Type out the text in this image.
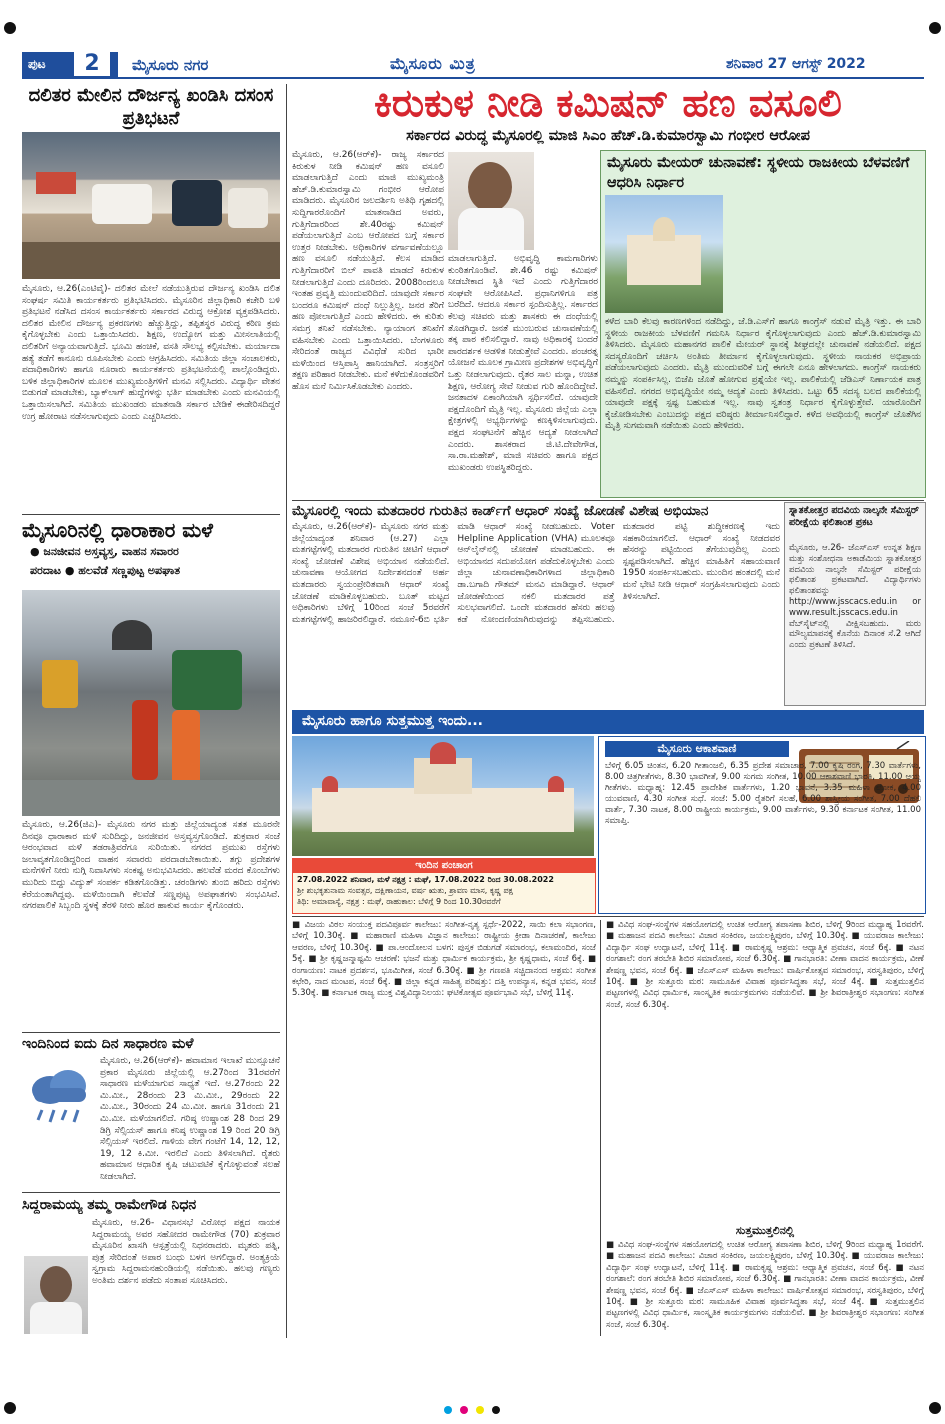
ಪುಟ	2	ಮೈಸೂರು ನಗರ	ಮೈಸೂರು ಮಿತ್ರ	ಶನಿವಾರ 27 ಆಗಸ್ಟ್ 2022
ದಲಿತರ ಮೇಲಿನ ದೌರ್ಜನ್ಯ ಖಂಡಿಸಿ ದಸಂಸ ಪ್ರತಿಭಟನೆ
ಮೈಸೂರು, ಆ.26(ಎಂಟಿವೈ)- ದಲಿತರ ಮೇಲೆ ನಡೆಯುತ್ತಿರುವ ದೌರ್ಜನ್ಯ ಖಂಡಿಸಿ ದಲಿತ ಸಂಘರ್ಷ ಸಮಿತಿ ಕಾರ್ಯಕರ್ತರು ಪ್ರತಿಭಟಿಸಿದರು. ಮೈಸೂರಿನ ಜಿಲ್ಲಾಧಿಕಾರಿ ಕಚೇರಿ ಬಳಿ ಪ್ರತಿಭಟನೆ ನಡೆಸಿದ ದಸಂಸ ಕಾರ್ಯಕರ್ತರು ಸರ್ಕಾರದ ವಿರುದ್ಧ ಆಕ್ರೋಶ ವ್ಯಕ್ತಪಡಿಸಿದರು. ದಲಿತರ ಮೇಲಿನ ದೌರ್ಜನ್ಯ ಪ್ರಕರಣಗಳು ಹೆಚ್ಚುತ್ತಿದ್ದು, ತಪ್ಪಿತಸ್ಥರ ವಿರುದ್ಧ ಕಠಿಣ ಕ್ರಮ ಕೈಗೊಳ್ಳಬೇಕು ಎಂದು ಒತ್ತಾಯಿಸಿದರು. ಶಿಕ್ಷಣ, ಉದ್ಯೋಗ ಮತ್ತು ಮೀಸಲಾತಿಯಲ್ಲಿ ದಲಿತರಿಗೆ ಅನ್ಯಾಯವಾಗುತ್ತಿದೆ. ಭೂಮಿ ಹಂಚಿಕೆ, ವಸತಿ ಸೌಲಭ್ಯ ಕಲ್ಪಿಸಬೇಕು. ಮರ್ಯಾದಾ ಹತ್ಯೆ ತಡೆಗೆ ಕಾನೂನು ರೂಪಿಸಬೇಕು ಎಂದು ಆಗ್ರಹಿಸಿದರು. ಸಮಿತಿಯ ಜಿಲ್ಲಾ ಸಂಚಾಲಕರು, ಪದಾಧಿಕಾರಿಗಳು ಹಾಗೂ ನೂರಾರು ಕಾರ್ಯಕರ್ತರು ಪ್ರತಿಭಟನೆಯಲ್ಲಿ ಪಾಲ್ಗೊಂಡಿದ್ದರು. ಬಳಿಕ ಜಿಲ್ಲಾಧಿಕಾರಿಗಳ ಮೂಲಕ ಮುಖ್ಯಮಂತ್ರಿಗಳಿಗೆ ಮನವಿ ಸಲ್ಲಿಸಿದರು. ವಿದ್ಯಾರ್ಥಿ ವೇತನ ಬಿಡುಗಡೆ ಮಾಡಬೇಕು, ಬ್ಯಾಕ್‌ಲಾಗ್ ಹುದ್ದೆಗಳನ್ನು ಭರ್ತಿ ಮಾಡಬೇಕು ಎಂದು ಮನವಿಯಲ್ಲಿ ಒತ್ತಾಯಿಸಲಾಗಿದೆ. ಸಮಿತಿಯ ಮುಖಂಡರು ಮಾತನಾಡಿ ಸರ್ಕಾರ ಬೇಡಿಕೆ ಈಡೇರಿಸದಿದ್ದರೆ ಉಗ್ರ ಹೋರಾಟ ನಡೆಸಲಾಗುವುದು ಎಂದು ಎಚ್ಚರಿಸಿದರು.
ಮೈಸೂರಿನಲ್ಲಿ ಧಾರಾಕಾರ ಮಳೆ
● ಜನಜೀವನ ಅಸ್ತವ್ಯಸ್ತ, ವಾಹನ ಸವಾರರ
ಪರದಾಟ ● ಹಲವೆಡೆ ಸಣ್ಣಪುಟ್ಟ ಅಪಘಾತ
ಮೈಸೂರು, ಆ.26(ಜಿಎ)- ಮೈಸೂರು ನಗರ ಮತ್ತು ಜಿಲ್ಲೆಯಾದ್ಯಂತ ಸತತ ಮೂರನೇ ದಿನವೂ ಧಾರಾಕಾರ ಮಳೆ ಸುರಿದಿದ್ದು, ಜನಜೀವನ ಅಸ್ತವ್ಯಸ್ತಗೊಂಡಿದೆ. ಶುಕ್ರವಾರ ಸಂಜೆ ಆರಂಭವಾದ ಮಳೆ ತಡರಾತ್ರಿವರೆಗೂ ಸುರಿಯಿತು. ನಗರದ ಪ್ರಮುಖ ರಸ್ತೆಗಳು ಜಲಾವೃತಗೊಂಡಿದ್ದರಿಂದ ವಾಹನ ಸವಾರರು ಪರದಾಡಬೇಕಾಯಿತು. ತಗ್ಗು ಪ್ರದೇಶಗಳ ಮನೆಗಳಿಗೆ ನೀರು ನುಗ್ಗಿ ನಿವಾಸಿಗಳು ಸಂಕಷ್ಟ ಅನುಭವಿಸಿದರು. ಹಲವೆಡೆ ಮರದ ಕೊಂಬೆಗಳು ಮುರಿದು ಬಿದ್ದು ವಿದ್ಯುತ್ ಸಂಪರ್ಕ ಕಡಿತಗೊಂಡಿತ್ತು. ಚರಂಡಿಗಳು ತುಂಬಿ ಹರಿದು ರಸ್ತೆಗಳು ಕೆರೆಯಂತಾಗಿದ್ದವು. ಮಳೆಯಿಂದಾಗಿ ಕೆಲವೆಡೆ ಸಣ್ಣಪುಟ್ಟ ಅಪಘಾತಗಳು ಸಂಭವಿಸಿವೆ. ನಗರಪಾಲಿಕೆ ಸಿಬ್ಬಂದಿ ಸ್ಥಳಕ್ಕೆ ತೆರಳಿ ನೀರು ಹೊರ ಹಾಕುವ ಕಾರ್ಯ ಕೈಗೊಂಡರು.
ಇಂದಿನಿಂದ ಐದು ದಿನ ಸಾಧಾರಣ ಮಳೆ
ಮೈಸೂರು, ಆ.26(ಆರ್‌ಕೆ)- ಹವಾಮಾನ ಇಲಾಖೆ ಮುನ್ಸೂಚನೆ ಪ್ರಕಾರ ಮೈಸೂರು ಜಿಲ್ಲೆಯಲ್ಲಿ ಆ.27ರಿಂದ 31ರವರೆಗೆ ಸಾಧಾರಣ ಮಳೆಯಾಗುವ ಸಾಧ್ಯತೆ ಇದೆ. ಆ.27ರಂದು 22 ಮಿ.ಮೀ., 28ರಂದು 23 ಮಿ.ಮೀ., 29ರಂದು 22 ಮಿ.ಮೀ., 30ರಂದು 24 ಮಿ.ಮೀ. ಹಾಗೂ 31ರಂದು 21 ಮಿ.ಮೀ. ಮಳೆಯಾಗಲಿದೆ. ಗರಿಷ್ಠ ಉಷ್ಣಾಂಶ 28 ರಿಂದ 29 ಡಿಗ್ರಿ ಸೆಲ್ಸಿಯಸ್ ಹಾಗೂ ಕನಿಷ್ಠ ಉಷ್ಣಾಂಶ 19 ರಿಂದ 20 ಡಿಗ್ರಿ ಸೆಲ್ಸಿಯಸ್ ಇರಲಿದೆ. ಗಾಳಿಯ ವೇಗ ಗಂಟೆಗೆ 14, 12, 12, 19, 12 ಕಿ.ಮೀ. ಇರಲಿದೆ ಎಂದು ತಿಳಿಸಲಾಗಿದೆ. ರೈತರು ಹವಾಮಾನ ಆಧಾರಿತ ಕೃಷಿ ಚಟುವಟಿಕೆ ಕೈಗೊಳ್ಳುವಂತೆ ಸಲಹೆ ನೀಡಲಾಗಿದೆ.
ಸಿದ್ದರಾಮಯ್ಯ ತಮ್ಮ ರಾಮೇಗೌಡ ನಿಧನ
ಮೈಸೂರು, ಆ.26- ವಿಧಾನಸಭೆ ವಿರೋಧ ಪಕ್ಷದ ನಾಯಕ ಸಿದ್ದರಾಮಯ್ಯ ಅವರ ಸಹೋದರ ರಾಮೇಗೌಡ (70) ಶುಕ್ರವಾರ ಮೈಸೂರಿನ ಖಾಸಗಿ ಆಸ್ಪತ್ರೆಯಲ್ಲಿ ನಿಧನರಾದರು. ಮೃತರು ಪತ್ನಿ, ಪುತ್ರ ಸೇರಿದಂತೆ ಅಪಾರ ಬಂಧು ಬಳಗ ಅಗಲಿದ್ದಾರೆ. ಅಂತ್ಯಕ್ರಿಯೆ ಸ್ವಗ್ರಾಮ ಸಿದ್ದರಾಮನಹುಂಡಿಯಲ್ಲಿ ನಡೆಯಿತು. ಹಲವು ಗಣ್ಯರು ಅಂತಿಮ ದರ್ಶನ ಪಡೆದು ಸಂತಾಪ ಸೂಚಿಸಿದರು.
ಕಿರುಕುಳ ನೀಡಿ ಕಮಿಷನ್ ಹಣ ವಸೂಲಿ
ಸರ್ಕಾರದ ವಿರುದ್ಧ ಮೈಸೂರಲ್ಲಿ ಮಾಜಿ ಸಿಎಂ ಹೆಚ್.ಡಿ.ಕುಮಾರಸ್ವಾಮಿ ಗಂಭೀರ ಆರೋಪ
ಮೈಸೂರು, ಆ.26(ಆರ್‌ಕೆ)- ರಾಜ್ಯ ಸರ್ಕಾರದ ಕಿರುಕುಳ ನೀಡಿ ಕಮಿಷನ್ ಹಣ ವಸೂಲಿ ಮಾಡಲಾಗುತ್ತಿದೆ ಎಂದು ಮಾಜಿ ಮುಖ್ಯಮಂತ್ರಿ ಹೆಚ್.ಡಿ.ಕುಮಾರಸ್ವಾಮಿ ಗಂಭೀರ ಆರೋಪ ಮಾಡಿದರು. ಮೈಸೂರಿನ ಜಲದರ್ಶಿನಿ ಅತಿಥಿ ಗೃಹದಲ್ಲಿ ಸುದ್ದಿಗಾರರೊಂದಿಗೆ ಮಾತನಾಡಿದ ಅವರು, ಗುತ್ತಿಗೆದಾರರಿಂದ ಶೇ.40ರಷ್ಟು ಕಮಿಷನ್ ಪಡೆಯಲಾಗುತ್ತಿದೆ ಎಂಬ ಆರೋಪದ ಬಗ್ಗೆ ಸರ್ಕಾರ ಉತ್ತರ ನೀಡಬೇಕು. ಅಧಿಕಾರಿಗಳ ವರ್ಗಾವಣೆಯಲ್ಲೂ ಹಣ ವಸೂಲಿ ನಡೆಯುತ್ತಿದೆ. ಕೆಲಸ ಮಾಡಿದ ಗುತ್ತಿಗೆದಾರರಿಗೆ ಬಿಲ್ ಪಾವತಿ ಮಾಡದೆ ಕಿರುಕುಳ ನೀಡಲಾಗುತ್ತಿದೆ ಎಂದು ದೂರಿದರು. 2008ರಿಂದಲೂ ಇಂತಹ ಪ್ರವೃತ್ತಿ ಮುಂದುವರಿದಿದೆ. ಯಾವುದೇ ಸರ್ಕಾರ ಬಂದರೂ ಕಮಿಷನ್ ದಂಧೆ ನಿಲ್ಲುತ್ತಿಲ್ಲ. ಜನರ ತೆರಿಗೆ ಹಣ ಪೋಲಾಗುತ್ತಿದೆ ಎಂದು ಹೇಳಿದರು. ಈ ಕುರಿತು ಸಮಗ್ರ ತನಿಖೆ ನಡೆಸಬೇಕು. ನ್ಯಾಯಾಂಗ ತನಿಖೆಗೆ ವಹಿಸಬೇಕು ಎಂದು ಒತ್ತಾಯಿಸಿದರು. ಬೆಂಗಳೂರು ಸೇರಿದಂತೆ ರಾಜ್ಯದ ವಿವಿಧೆಡೆ ಸುರಿದ ಭಾರೀ ಮಳೆಯಿಂದ ಆಸ್ತಿಪಾಸ್ತಿ ಹಾನಿಯಾಗಿದೆ. ಸಂತ್ರಸ್ತರಿಗೆ ತಕ್ಷಣ ಪರಿಹಾರ ನೀಡಬೇಕು. ಮನೆ ಕಳೆದುಕೊಂಡವರಿಗೆ ಹೊಸ ಮನೆ ನಿರ್ಮಿಸಿಕೊಡಬೇಕು ಎಂದರು.
ಮಾಡಲಾಗುತ್ತಿದೆ. ಅಭಿವೃದ್ಧಿ ಕಾಮಗಾರಿಗಳು ಕುಂಠಿತಗೊಂಡಿವೆ. ಶೇ.46 ರಷ್ಟು ಕಮಿಷನ್ ನೀಡಬೇಕಾದ ಸ್ಥಿತಿ ಇದೆ ಎಂದು ಗುತ್ತಿಗೆದಾರರ ಸಂಘವೇ ಆರೋಪಿಸಿದೆ. ಪ್ರಧಾನಿಗಳಿಗೂ ಪತ್ರ ಬರೆದಿದೆ. ಆದರೂ ಸರ್ಕಾರ ಸ್ಪಂದಿಸುತ್ತಿಲ್ಲ. ಸರ್ಕಾರದ ಕೆಲವು ಸಚಿವರು ಮತ್ತು ಶಾಸಕರು ಈ ದಂಧೆಯಲ್ಲಿ ತೊಡಗಿದ್ದಾರೆ. ಜನತೆ ಮುಂಬರುವ ಚುನಾವಣೆಯಲ್ಲಿ ತಕ್ಕ ಪಾಠ ಕಲಿಸಲಿದ್ದಾರೆ. ನಾವು ಅಧಿಕಾರಕ್ಕೆ ಬಂದರೆ ಪಾರದರ್ಶಕ ಆಡಳಿತ ನೀಡುತ್ತೇವೆ ಎಂದರು. ಪಂಚರತ್ನ ಯೋಜನೆ ಮೂಲಕ ಗ್ರಾಮೀಣ ಪ್ರದೇಶಗಳ ಅಭಿವೃದ್ಧಿಗೆ ಒತ್ತು ನೀಡಲಾಗುವುದು. ರೈತರ ಸಾಲ ಮನ್ನಾ, ಉಚಿತ ಶಿಕ್ಷಣ, ಆರೋಗ್ಯ ಸೇವೆ ನೀಡುವ ಗುರಿ ಹೊಂದಿದ್ದೇವೆ. ಜನತಾದಳ ಏಕಾಂಗಿಯಾಗಿ ಸ್ಪರ್ಧಿಸಲಿದೆ. ಯಾವುದೇ ಪಕ್ಷದೊಂದಿಗೆ ಮೈತ್ರಿ ಇಲ್ಲ. ಮೈಸೂರು ಜಿಲ್ಲೆಯ ಎಲ್ಲಾ ಕ್ಷೇತ್ರಗಳಲ್ಲಿ ಅಭ್ಯರ್ಥಿಗಳನ್ನು ಕಣಕ್ಕಿಳಿಸಲಾಗುವುದು. ಪಕ್ಷದ ಸಂಘಟನೆಗೆ ಹೆಚ್ಚಿನ ಆದ್ಯತೆ ನೀಡಲಾಗಿದೆ ಎಂದರು. ಶಾಸಕರಾದ ಜಿ.ಟಿ.ದೇವೇಗೌಡ, ಸಾ.ರಾ.ಮಹೇಶ್, ಮಾಜಿ ಸಚಿವರು ಹಾಗೂ ಪಕ್ಷದ ಮುಖಂಡರು ಉಪಸ್ಥಿತರಿದ್ದರು.
ಮೈಸೂರು ಮೇಯರ್ ಚುನಾವಣೆ: ಸ್ಥಳೀಯ ರಾಜಕೀಯ ಬೆಳವಣಿಗೆ ಆಧರಿಸಿ ನಿರ್ಧಾರ
ಕಳೆದ ಬಾರಿ ಕೆಲವು ಕಾರಣಗಳಿಂದ ನಡೆದಿದ್ದು, ಜೆ.ಡಿ.ಎಸ್‌ಗೆ ಹಾಗೂ ಕಾಂಗ್ರೆಸ್ ನಡುವೆ ಮೈತ್ರಿ ಇತ್ತು. ಈ ಬಾರಿ ಸ್ಥಳೀಯ ರಾಜಕೀಯ ಬೆಳವಣಿಗೆ ಗಮನಿಸಿ ನಿರ್ಧಾರ ಕೈಗೊಳ್ಳಲಾಗುವುದು ಎಂದು ಹೆಚ್.ಡಿ.ಕುಮಾರಸ್ವಾಮಿ ತಿಳಿಸಿದರು. ಮೈಸೂರು ಮಹಾನಗರ ಪಾಲಿಕೆ ಮೇಯರ್ ಸ್ಥಾನಕ್ಕೆ ಶೀಘ್ರದಲ್ಲೇ ಚುನಾವಣೆ ನಡೆಯಲಿದೆ. ಪಕ್ಷದ ಸದಸ್ಯರೊಂದಿಗೆ ಚರ್ಚಿಸಿ ಅಂತಿಮ ತೀರ್ಮಾನ ಕೈಗೊಳ್ಳಲಾಗುವುದು. ಸ್ಥಳೀಯ ನಾಯಕರ ಅಭಿಪ್ರಾಯ ಪಡೆಯಲಾಗುವುದು ಎಂದರು. ಮೈತ್ರಿ ಮುಂದುವರಿಕೆ ಬಗ್ಗೆ ಈಗಲೇ ಏನೂ ಹೇಳಲಾಗದು. ಕಾಂಗ್ರೆಸ್ ನಾಯಕರು ನಮ್ಮನ್ನು ಸಂಪರ್ಕಿಸಿಲ್ಲ. ಬಿಜೆಪಿ ಜೊತೆ ಹೋಗುವ ಪ್ರಶ್ನೆಯೇ ಇಲ್ಲ. ಪಾಲಿಕೆಯಲ್ಲಿ ಜೆಡಿಎಸ್ ನಿರ್ಣಾಯಕ ಪಾತ್ರ ವಹಿಸಲಿದೆ. ನಗರದ ಅಭಿವೃದ್ಧಿಯೇ ನಮ್ಮ ಆದ್ಯತೆ ಎಂದು ತಿಳಿಸಿದರು. ಒಟ್ಟು 65 ಸದಸ್ಯ ಬಲದ ಪಾಲಿಕೆಯಲ್ಲಿ ಯಾವುದೇ ಪಕ್ಷಕ್ಕೆ ಸ್ಪಷ್ಟ ಬಹುಮತ ಇಲ್ಲ. ನಾವು ಸ್ವತಂತ್ರ ನಿರ್ಧಾರ ಕೈಗೊಳ್ಳುತ್ತೇವೆ. ಯಾರೊಂದಿಗೆ ಕೈಜೋಡಿಸಬೇಕು ಎಂಬುದನ್ನು ಪಕ್ಷದ ವರಿಷ್ಠರು ತೀರ್ಮಾನಿಸಲಿದ್ದಾರೆ. ಕಳೆದ ಅವಧಿಯಲ್ಲಿ ಕಾಂಗ್ರೆಸ್ ಜೊತೆಗಿನ ಮೈತ್ರಿ ಸುಗಮವಾಗಿ ನಡೆಯಿತು ಎಂದು ಹೇಳಿದರು.
ಮೈಸೂರಲ್ಲಿ ಇಂದು ಮತದಾರರ ಗುರುತಿನ ಕಾರ್ಡ್‌ಗೆ ಆಧಾರ್ ಸಂಖ್ಯೆ ಜೋಡಣೆ ವಿಶೇಷ ಅಭಿಯಾನ
ಮೈಸೂರು, ಆ.26(ಆರ್‌ಕೆ)- ಮೈಸೂರು ನಗರ ಮತ್ತು ಜಿಲ್ಲೆಯಾದ್ಯಂತ ಶನಿವಾರ (ಆ.27) ಎಲ್ಲಾ ಮತಗಟ್ಟೆಗಳಲ್ಲಿ ಮತದಾರರ ಗುರುತಿನ ಚೀಟಿಗೆ ಆಧಾರ್ ಸಂಖ್ಯೆ ಜೋಡಣೆ ವಿಶೇಷ ಅಭಿಯಾನ ನಡೆಯಲಿದೆ. ಚುನಾವಣಾ ಆಯೋಗದ ನಿರ್ದೇಶನದಂತೆ ಅರ್ಹ ಮತದಾರರು ಸ್ವಯಂಪ್ರೇರಿತವಾಗಿ ಆಧಾರ್ ಸಂಖ್ಯೆ ಜೋಡಣೆ ಮಾಡಿಕೊಳ್ಳಬಹುದು. ಬೂತ್ ಮಟ್ಟದ ಅಧಿಕಾರಿಗಳು ಬೆಳಿಗ್ಗೆ 10ರಿಂದ ಸಂಜೆ 5ರವರೆಗೆ ಮತಗಟ್ಟೆಗಳಲ್ಲಿ ಹಾಜರಿರಲಿದ್ದಾರೆ. ನಮೂನೆ-6ಬಿ ಭರ್ತಿ ಮಾಡಿ ಆಧಾರ್ ಸಂಖ್ಯೆ ನೀಡಬಹುದು. Voter Helpline Application (VHA) ಮೂಲಕವೂ ಆನ್‌ಲೈನ್‌ನಲ್ಲಿ ಜೋಡಣೆ ಮಾಡಬಹುದು. ಈ ಅಭಿಯಾನದ ಸದುಪಯೋಗ ಪಡೆದುಕೊಳ್ಳಬೇಕು ಎಂದು ಜಿಲ್ಲಾ ಚುನಾವಣಾಧಿಕಾರಿಗಳಾದ ಜಿಲ್ಲಾಧಿಕಾರಿ ಡಾ.ಬಗಾದಿ ಗೌತಮ್ ಮನವಿ ಮಾಡಿದ್ದಾರೆ. ಆಧಾರ್ ಜೋಡಣೆಯಿಂದ ನಕಲಿ ಮತದಾರರ ಪತ್ತೆ ಸುಲಭವಾಗಲಿದೆ. ಒಂದೇ ಮತದಾರರ ಹೆಸರು ಹಲವು ಕಡೆ ನೋಂದಣಿಯಾಗಿರುವುದನ್ನು ತಪ್ಪಿಸಬಹುದು. ಮತದಾರರ ಪಟ್ಟಿ ಶುದ್ಧೀಕರಣಕ್ಕೆ ಇದು ಸಹಕಾರಿಯಾಗಲಿದೆ. ಆಧಾರ್ ಸಂಖ್ಯೆ ನೀಡದವರ ಹೆಸರನ್ನು ಪಟ್ಟಿಯಿಂದ ತೆಗೆಯುವುದಿಲ್ಲ ಎಂದು ಸ್ಪಷ್ಟಪಡಿಸಲಾಗಿದೆ. ಹೆಚ್ಚಿನ ಮಾಹಿತಿಗೆ ಸಹಾಯವಾಣಿ 1950 ಸಂಪರ್ಕಿಸಬಹುದು. ಮುಂದಿನ ಹಂತದಲ್ಲಿ ಮನೆ ಮನೆ ಭೇಟಿ ನೀಡಿ ಆಧಾರ್ ಸಂಗ್ರಹಿಸಲಾಗುವುದು ಎಂದು ತಿಳಿಸಲಾಗಿದೆ.
ಸ್ನಾತಕೋತ್ತರ ಪದವಿಯ ನಾಲ್ಕನೇ ಸೆಮಿಸ್ಟರ್ ಪರೀಕ್ಷೆಯ ಫಲಿತಾಂಶ ಪ್ರಕಟ
ಮೈಸೂರು, ಆ.26- ಜೆಎಸ್‌ಎಸ್ ಉನ್ನತ ಶಿಕ್ಷಣ ಮತ್ತು ಸಂಶೋಧನಾ ಅಕಾಡೆಮಿಯ ಸ್ನಾತಕೋತ್ತರ ಪದವಿಯ ನಾಲ್ಕನೇ ಸೆಮಿಸ್ಟರ್ ಪರೀಕ್ಷೆಯ ಫಲಿತಾಂಶ ಪ್ರಕಟವಾಗಿದೆ. ವಿದ್ಯಾರ್ಥಿಗಳು ಫಲಿತಾಂಶವನ್ನು http://www.jsscacs.edu.in or www.result.jsscacs.edu.in ವೆಬ್‌ಸೈಟ್‌ನಲ್ಲಿ ವೀಕ್ಷಿಸಬಹುದು. ಮರು ಮೌಲ್ಯಮಾಪನಕ್ಕೆ ಕೊನೆಯ ದಿನಾಂಕ ಸೆ.2 ಆಗಿದೆ ಎಂದು ಪ್ರಕಟಣೆ ತಿಳಿಸಿದೆ.
ಮೈಸೂರು ಹಾಗೂ ಸುತ್ತಮುತ್ತ ಇಂದು...
ಇಂದಿನ ಪಂಚಾಂಗ
27.08.2022 ಶನಿವಾರ, ಮಳೆ ನಕ್ಷತ್ರ : ಮಘೆ, 17.08.2022 ರಿಂದ 30.08.2022
ಶ್ರೀ ಶುಭಕೃತುನಾಮ ಸಂವತ್ಸರ, ದಕ್ಷಿಣಾಯನ, ವರ್ಷ ಋತು, ಶ್ರಾವಣ ಮಾಸ, ಕೃಷ್ಣ ಪಕ್ಷ
ತಿಥಿ: ಅಮಾವಾಸ್ಯೆ, ನಕ್ಷತ್ರ : ಮಘೆ, ರಾಹುಕಾಲ: ಬೆಳಿಗ್ಗೆ 9 ರಿಂದ 10.30ರವರೆಗೆ
ಮೈಸೂರು ಆಕಾಶವಾಣಿ
ಬೆಳಿಗ್ಗೆ 6.05 ಚಿಂತನ, 6.20 ಗೀತಾಂಜಲಿ, 6.35 ಪ್ರದೇಶ ಸಮಾಚಾರ, 7.00 ಕೃಷಿ ರಂಗ, 7.30 ವಾರ್ತೆಗಳು, 8.00 ಚಿತ್ರಗೀತೆಗಳು, 8.30 ಭಾವಗೀತೆ, 9.00 ಸುಗಮ ಸಂಗೀತ, 10.00 ಆಕಾಶವಾಣಿ ಭಾರತಿ, 11.00 ಆಯ್ದ ಗೀತೆಗಳು. ಮಧ್ಯಾಹ್ನ: 12.45 ಪ್ರಾದೇಶಿಕ ವಾರ್ತೆಗಳು, 1.20 ಭಾವನೆ, 3.35 ಮಹಿಳಾ ಲೋಕ, 4.00 ಯುವವಾಣಿ, 4.30 ಸಂಗೀತ ಸುಧೆ. ಸಂಜೆ: 5.00 ರೈತರಿಗೆ ಸಲಹೆ, 6.00 ಶಾಸ್ತ್ರೀಯ ಸಂಗೀತ, 7.00 ದೆಹಲಿ ವಾರ್ತೆ, 7.30 ನಾಟಕ, 8.00 ರಾಷ್ಟ್ರೀಯ ಕಾರ್ಯಕ್ರಮ, 9.00 ವಾರ್ತೆಗಳು, 9.30 ಕರ್ನಾಟಕ ಸಂಗೀತ, 11.00 ಸಮಾಪ್ತಿ.
■ ವಿಜಯ ವಿಠಲ ಸಂಯುಕ್ತ ಪದವಿಪೂರ್ವ ಕಾಲೇಜು: ಸಂಗೀತ-ನೃತ್ಯ ಸ್ಪರ್ಧೆ-2022, ಸಾಯಿ ಕಲಾ ಸಭಾಂಗಣ, ಬೆಳಿಗ್ಗೆ 10.30ಕ್ಕೆ. ■ ಮಹಾರಾಣಿ ಮಹಿಳಾ ವಿಜ್ಞಾನ ಕಾಲೇಜು: ರಾಷ್ಟ್ರೀಯ ಕ್ರೀಡಾ ದಿನಾಚರಣೆ, ಕಾಲೇಜು ಆವರಣ, ಬೆಳಿಗ್ಗೆ 10.30ಕ್ಕೆ. ■ ಪಾ.ಆಂದೋಲನ ಬಳಗ: ಪುಸ್ತಕ ಬಿಡುಗಡೆ ಸಮಾರಂಭ, ಕಲಾಮಂದಿರ, ಸಂಜೆ 5ಕ್ಕೆ. ■ ಶ್ರೀ ಕೃಷ್ಣಜನ್ಮಾಷ್ಟಮಿ ಆಚರಣೆ: ಭಜನೆ ಮತ್ತು ಧಾರ್ಮಿಕ ಕಾರ್ಯಕ್ರಮ, ಶ್ರೀ ಕೃಷ್ಣಧಾಮ, ಸಂಜೆ 6ಕ್ಕೆ. ■ ರಂಗಾಯಣ: ನಾಟಕ ಪ್ರದರ್ಶನ, ಭೂಮಿಗೀತ, ಸಂಜೆ 6.30ಕ್ಕೆ. ■ ಶ್ರೀ ಗಣಪತಿ ಸಚ್ಚಿದಾನಂದ ಆಶ್ರಮ: ಸಂಗೀತ ಕಛೇರಿ, ನಾದ ಮಂಟಪ, ಸಂಜೆ 6ಕ್ಕೆ. ■ ಜಿಲ್ಲಾ ಕನ್ನಡ ಸಾಹಿತ್ಯ ಪರಿಷತ್ತು: ದತ್ತಿ ಉಪನ್ಯಾಸ, ಕನ್ನಡ ಭವನ, ಸಂಜೆ 5.30ಕ್ಕೆ. ■ ಕರ್ನಾಟಕ ರಾಜ್ಯ ಮುಕ್ತ ವಿಶ್ವವಿದ್ಯಾನಿಲಯ: ಘಟಿಕೋತ್ಸವ ಪೂರ್ವಭಾವಿ ಸಭೆ, ಬೆಳಿಗ್ಗೆ 11ಕ್ಕೆ.
■ ವಿವಿಧ ಸಂಘ-ಸಂಸ್ಥೆಗಳ ಸಹಯೋಗದಲ್ಲಿ ಉಚಿತ ಆರೋಗ್ಯ ತಪಾಸಣಾ ಶಿಬಿರ, ಬೆಳಿಗ್ಗೆ 9ರಿಂದ ಮಧ್ಯಾಹ್ನ 1ರವರೆಗೆ. ■ ಮಹಾಜನ ಪದವಿ ಕಾಲೇಜು: ವಿಚಾರ ಸಂಕಿರಣ, ಜಯಲಕ್ಷ್ಮಿಪುರಂ, ಬೆಳಿಗ್ಗೆ 10.30ಕ್ಕೆ. ■ ಯುವರಾಜ ಕಾಲೇಜು: ವಿದ್ಯಾರ್ಥಿ ಸಂಘ ಉದ್ಘಾಟನೆ, ಬೆಳಿಗ್ಗೆ 11ಕ್ಕೆ. ■ ರಾಮಕೃಷ್ಣ ಆಶ್ರಮ: ಆಧ್ಯಾತ್ಮಿಕ ಪ್ರವಚನ, ಸಂಜೆ 6ಕ್ಕೆ. ■ ನಟನ ರಂಗಶಾಲೆ: ರಂಗ ತರಬೇತಿ ಶಿಬಿರ ಸಮಾರೋಪ, ಸಂಜೆ 6.30ಕ್ಕೆ. ■ ಗಾನಭಾರತಿ: ವೀಣಾ ವಾದನ ಕಾರ್ಯಕ್ರಮ, ವೀಣೆ ಶೇಷಣ್ಣ ಭವನ, ಸಂಜೆ 6ಕ್ಕೆ. ■ ಜೆಎಸ್‌ಎಸ್ ಮಹಿಳಾ ಕಾಲೇಜು: ವಾರ್ಷಿಕೋತ್ಸವ ಸಮಾರಂಭ, ಸರಸ್ವತಿಪುರಂ, ಬೆಳಿಗ್ಗೆ 10ಕ್ಕೆ. ■ ಶ್ರೀ ಸುತ್ತೂರು ಮಠ: ಸಾಮೂಹಿಕ ವಿವಾಹ ಪೂರ್ವಸಿದ್ಧತಾ ಸಭೆ, ಸಂಜೆ 4ಕ್ಕೆ. ■ ಸುತ್ತಮುತ್ತಲಿನ ಪಟ್ಟಣಗಳಲ್ಲಿ ವಿವಿಧ ಧಾರ್ಮಿಕ, ಸಾಂಸ್ಕೃತಿಕ ಕಾರ್ಯಕ್ರಮಗಳು ನಡೆಯಲಿವೆ. ■ ಶ್ರೀ ಶಿವರಾತ್ರೀಶ್ವರ ಸಭಾಂಗಣ: ಸಂಗೀತ ಸಂಜೆ, ಸಂಜೆ 6.30ಕ್ಕೆ.
ಸುತ್ತಮುತ್ತಲಿನಲ್ಲಿ
■ ವಿವಿಧ ಸಂಘ-ಸಂಸ್ಥೆಗಳ ಸಹಯೋಗದಲ್ಲಿ ಉಚಿತ ಆರೋಗ್ಯ ತಪಾಸಣಾ ಶಿಬಿರ, ಬೆಳಿಗ್ಗೆ 9ರಿಂದ ಮಧ್ಯಾಹ್ನ 1ರವರೆಗೆ. ■ ಮಹಾಜನ ಪದವಿ ಕಾಲೇಜು: ವಿಚಾರ ಸಂಕಿರಣ, ಜಯಲಕ್ಷ್ಮಿಪುರಂ, ಬೆಳಿಗ್ಗೆ 10.30ಕ್ಕೆ. ■ ಯುವರಾಜ ಕಾಲೇಜು: ವಿದ್ಯಾರ್ಥಿ ಸಂಘ ಉದ್ಘಾಟನೆ, ಬೆಳಿಗ್ಗೆ 11ಕ್ಕೆ. ■ ರಾಮಕೃಷ್ಣ ಆಶ್ರಮ: ಆಧ್ಯಾತ್ಮಿಕ ಪ್ರವಚನ, ಸಂಜೆ 6ಕ್ಕೆ. ■ ನಟನ ರಂಗಶಾಲೆ: ರಂಗ ತರಬೇತಿ ಶಿಬಿರ ಸಮಾರೋಪ, ಸಂಜೆ 6.30ಕ್ಕೆ. ■ ಗಾನಭಾರತಿ: ವೀಣಾ ವಾದನ ಕಾರ್ಯಕ್ರಮ, ವೀಣೆ ಶೇಷಣ್ಣ ಭವನ, ಸಂಜೆ 6ಕ್ಕೆ. ■ ಜೆಎಸ್‌ಎಸ್ ಮಹಿಳಾ ಕಾಲೇಜು: ವಾರ್ಷಿಕೋತ್ಸವ ಸಮಾರಂಭ, ಸರಸ್ವತಿಪುರಂ, ಬೆಳಿಗ್ಗೆ 10ಕ್ಕೆ. ■ ಶ್ರೀ ಸುತ್ತೂರು ಮಠ: ಸಾಮೂಹಿಕ ವಿವಾಹ ಪೂರ್ವಸಿದ್ಧತಾ ಸಭೆ, ಸಂಜೆ 4ಕ್ಕೆ. ■ ಸುತ್ತಮುತ್ತಲಿನ ಪಟ್ಟಣಗಳಲ್ಲಿ ವಿವಿಧ ಧಾರ್ಮಿಕ, ಸಾಂಸ್ಕೃತಿಕ ಕಾರ್ಯಕ್ರಮಗಳು ನಡೆಯಲಿವೆ. ■ ಶ್ರೀ ಶಿವರಾತ್ರೀಶ್ವರ ಸಭಾಂಗಣ: ಸಂಗೀತ ಸಂಜೆ, ಸಂಜೆ 6.30ಕ್ಕೆ.
